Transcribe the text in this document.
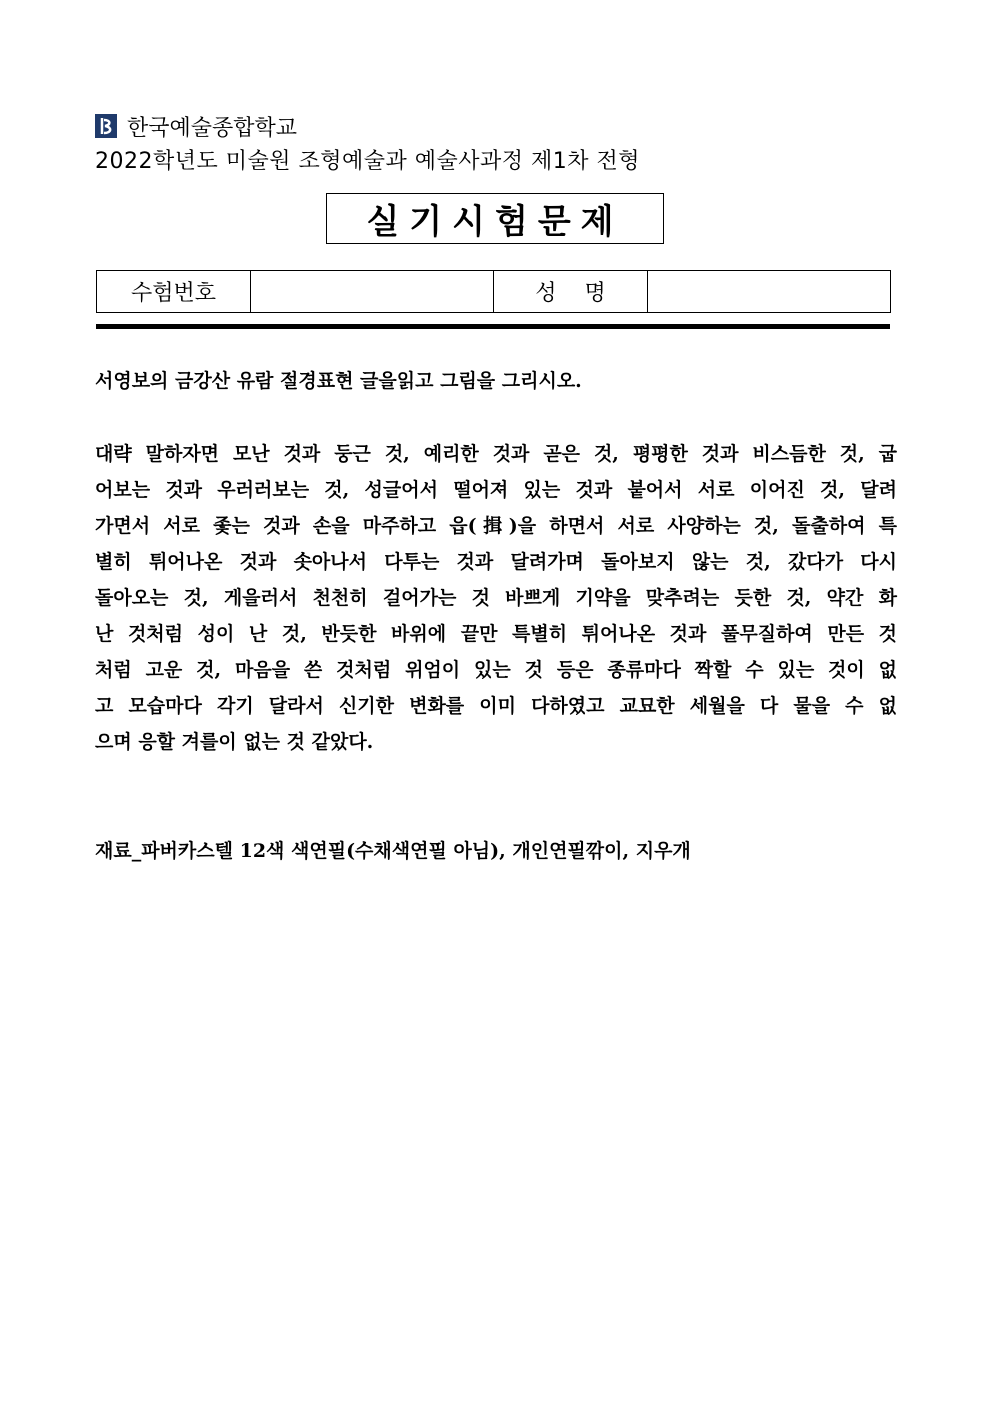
한국예술종합학교
2022학년도 미술원 조형예술과 예술사과정 제1차 전형
실기시험문제
수험번호		성    명	
서영보의 금강산 유람 절경표현 글을읽고 그림을 그리시오.
대략 말하자면 모난 것과 둥근 것, 예리한 것과 곧은 것, 평평한 것과 비스듬한 것, 굽
어보는 것과 우러러보는 것, 성글어서 떨어져 있는 것과 붙어서 서로 이어진 것, 달려
가면서 서로 좇는 것과 손을 마주하고 읍(揖)을 하면서 서로 사양하는 것, 돌출하여 특
별히 튀어나온 것과 솟아나서 다투는 것과 달려가며 돌아보지 않는 것, 갔다가 다시
돌아오는 것, 게을러서 천천히 걸어가는 것 바쁘게 기약을 맞추려는 듯한 것, 약간 화
난 것처럼 성이 난 것, 반듯한 바위에 끝만 특별히 튀어나온 것과 풀무질하여 만든 것
처럼 고운 것, 마음을 쓴 것처럼 위엄이 있는 것 등은 종류마다 짝할 수 있는 것이 없
고 모습마다 각기 달라서 신기한 변화를 이미 다하였고 교묘한 세월을 다 물을 수 없
으며 응할 겨를이 없는 것 같았다.
재료_파버카스텔 12색 색연필(수채색연필 아님), 개인연필깎이, 지우개
